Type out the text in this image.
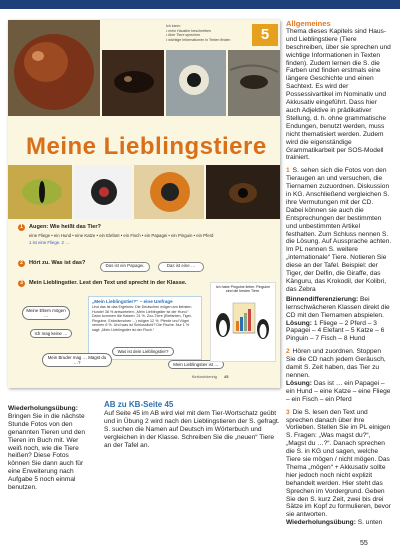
5
Ich kann:
• mein Haustier beschreiben
• über Tiere sprechen
• wichtige Informationen in Texten finden
Meine Lieblingstiere
1 Augen: Wie heißt das Tier?
eine Fliege • ein Hund • eine Katze • ein Elefant • ein Fisch • ein Papagei • ein Pinguin • ein Pferd
1 ist eine Fliege. 2 …
2 Hört zu. Was ist das?	Das ist ein Papagei.	Das ist eine …
3 Mein Lieblingstier. Lest den Text und sprecht in der Klasse.
„Mein Lieblingstier?“ – eine Umfrage
Und das ist das Ergebnis: Die Deutschen mögen am liebsten Hunde! 36 % antworteten: „Mein Lieblingstier ist der Hund.“ Dann kommen die Katzen: 21 %. Zoo-Tiere (Elefanten, Tiger, Pinguine, Erdmännchen ...) mögen 12 %. Pferde und Vögel nennen 6 %. Und was ist Schlusslicht? Die Fische. Nur 1 % sagt: „Mein Lieblingstier ist der Fisch.“
Meine Eltern mögen …
Ich mag keine …
Mein Bruder mag … Magst du …?
Was ist dein Lieblingstier?
Mein Lieblingstier ist …
Ich habe Pinguine lieber. Pinguine sind die besten Tiere.
fünfundvierzig 45
Allgemeines
Thema dieses Kapitels sind Haus- und Lieblingstiere (Tiere beschreiben, über sie sprechen und wichtige Informationen in Texten finden). Zudem lernen die S. die Farben und finden erstmals eine längere Geschichte und einen Sachtext. Es wird der Possessivartikel im Nominativ und Akkusativ eingeführt. Dass hier auch Adjektive in prädikativer Stellung, d. h. ohne grammatische Endungen, benutzt werden, muss nicht thematisiert werden. Zudem wird die eigenständige Grammatikarbeit per SOS-Modell trainiert.
1 S. sehen sich die Fotos von den Tieraugen an und versuchen, die Tiernamen zuzuordnen. Diskussion in KG. Anschließend vergleichen S. ihre Vermutungen mit der CD. Dabei können sie auch die Entsprechungen der bestimmten und unbestimmten Artikel festhalten. Zum Schluss nennen S. die Lösung. Auf Aussprache achten. Im PL nennen S. weitere „internationale“ Tiere. Notieren Sie diese an der Tafel. Beispiel: der Tiger, der Delfin, die Giraffe, das Känguru, das Krokodil, der Kolibri, das Zebra
Binnendifferenzierung: Bei lernschwächeren Klassen direkt die CD mit den Tiernamen abspielen.
Lösung: 1 Fliege – 2 Pferd – 3 Papagei – 4 Elefant – 5 Katze – 6 Pinguin – 7 Fisch – 8 Hund
2 Hören und zuordnen. Stoppen Sie die CD nach jedem Geräusch, damit S. Zeit haben, das Tier zu nennen.
Lösung: Das ist … ein Papagei – ein Hund – eine Katze – eine Fliege – ein Fisch – ein Pferd
3 Die S. lesen den Text und sprechen danach über ihre Vorlieben. Stellen Sie im PL einigen S. Fragen: „Was magst du?“, „Magst du …?“. Danach sprechen die S. in KG und sagen, welche Tiere sie mögen / nicht mögen. Das Thema „mögen“ + Akkusativ sollte hier jedoch noch nicht explizit behandelt werden. Hier steht das Sprechen im Vordergrund. Geben Sie den S. kurz Zeit, zwei bis drei Sätze im Kopf zu formulieren, bevor sie antworten.
Wiederholungsübung: S. unten
Wiederholungsübung:
Bringen Sie in die nächste Stunde Fotos von den genannten Tieren und den Tieren im Buch mit. Wer weiß noch, wie die Tiere heißen? Diese Fotos können Sie dann auch für eine Erweiterung nach Aufgabe 5 noch einmal benutzen.
AB zu KB-Seite 45
Auf Seite 45 im AB wird viel mit dem Tier-Wortschatz geübt und in Übung 2 wird nach den Lieblingstieren der S. gefragt. S. suchen die Namen auf Deutsch im Wörterbuch und vergleichen in der Klasse. Schreiben Sie die „neuen“ Tiere an der Tafel an.
55
